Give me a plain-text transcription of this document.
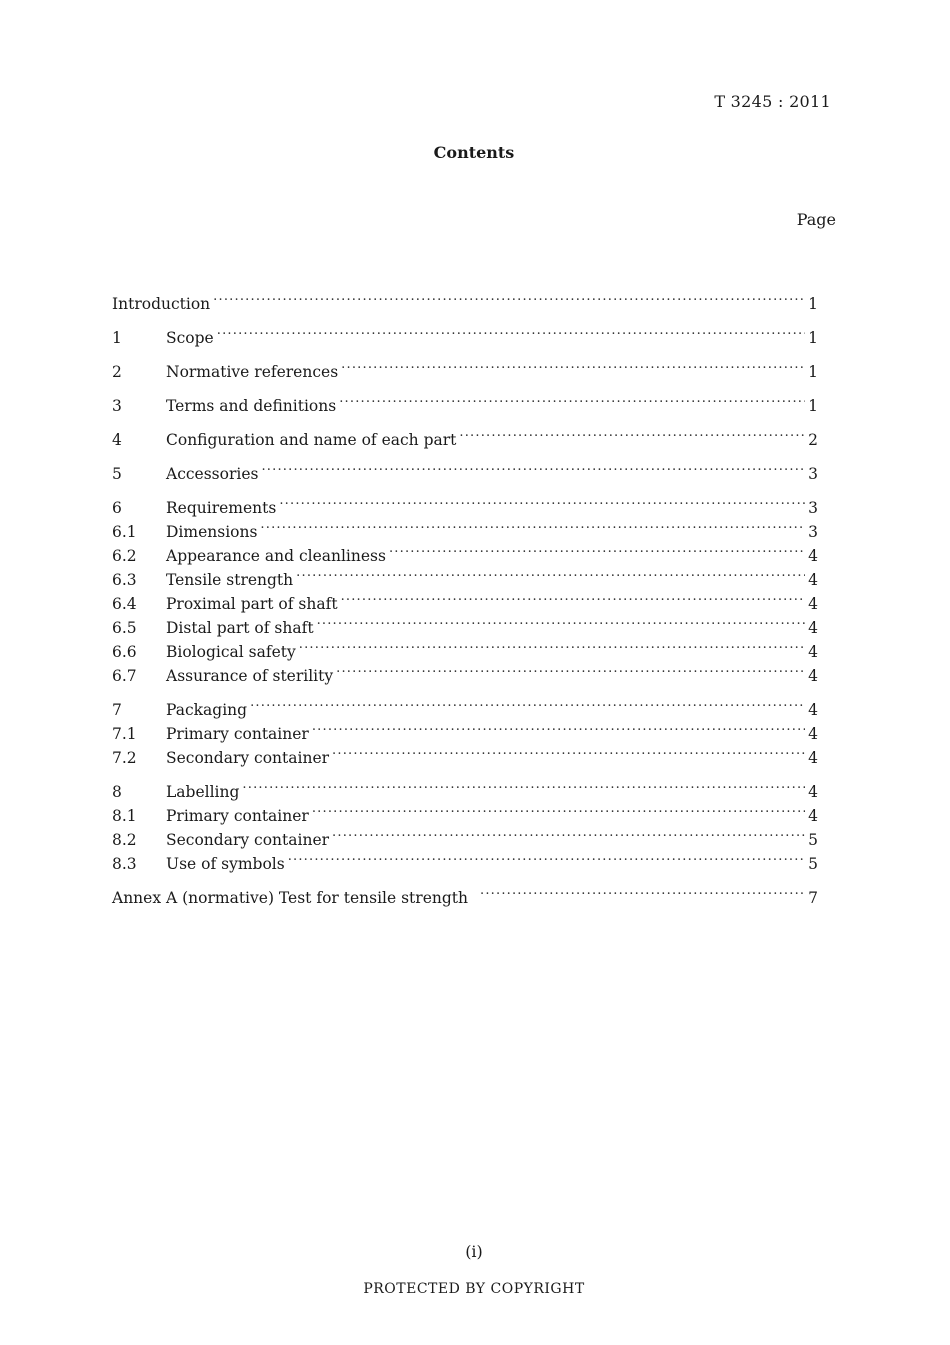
T 3245 : 2011
Contents
Page
Introduction .....	1
1	Scope .....	1
2	Normative references .....	1
3	Terms and definitions .....	1
4	Configuration and name of each part .....	2
5	Accessories .....	3
6	Requirements .....	3
6.1	Dimensions .....	3
6.2	Appearance and cleanliness .....	4
6.3	Tensile strength .....	4
6.4	Proximal part of shaft .....	4
6.5	Distal part of shaft .....	4
6.6	Biological safety .....	4
6.7	Assurance of sterility .....	4
7	Packaging .....	4
7.1	Primary container .....	4
7.2	Secondary container .....	4
8	Labelling .....	4
8.1	Primary container .....	4
8.2	Secondary container .....	5
8.3	Use of symbols .....	5
Annex A (normative) Test for tensile strength .....	7
(i)
PROTECTED BY COPYRIGHT
